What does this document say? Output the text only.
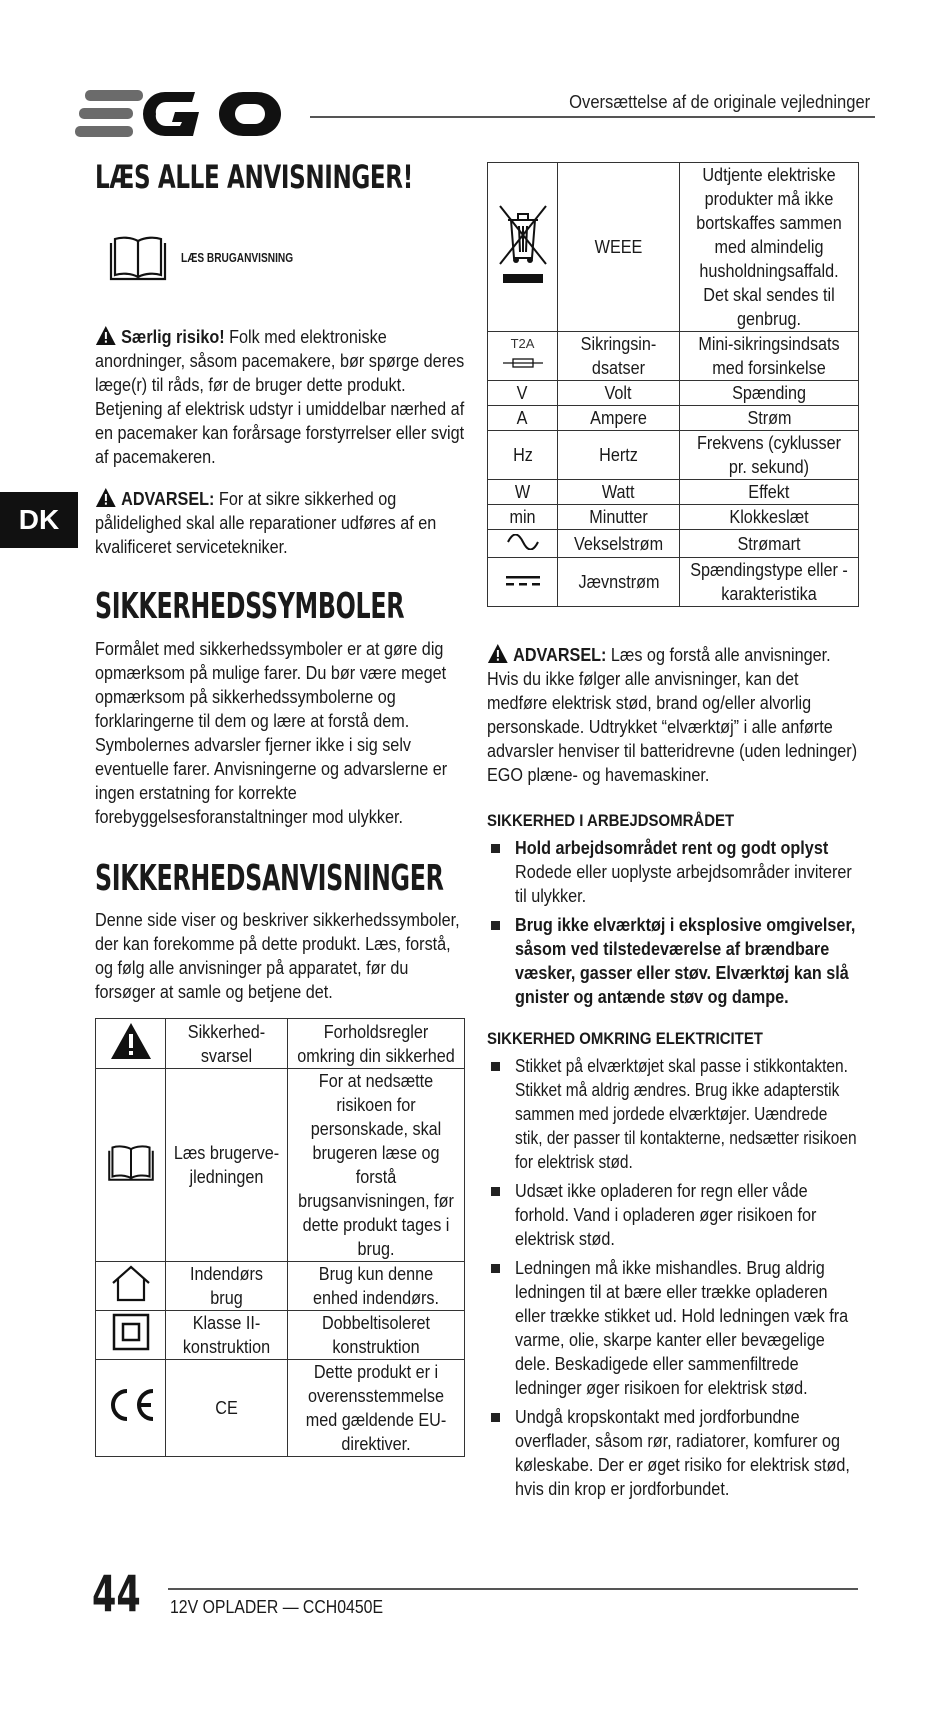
Oversættelse af de originale vejledninger
DK
LÆS ALLE ANVISNINGER!
LÆS BRUGANVISNING
Særlig risiko! Folk med elektroniske anordninger, såsom pacemakere, bør spørge deres læge(r) til råds, før de bruger dette produkt. Betjening af elektrisk udstyr i umiddelbar nærhed af en pacemaker kan forårsage forstyrrelser eller svigt af pacemakeren.
ADVARSEL: For at sikre sikkerhed og pålidelighed skal alle reparationer udføres af en kvalificeret servicetekniker.
SIKKERHEDSSYMBOLER
Formålet med sikkerhedssymboler er at gøre dig opmærksom på mulige farer. Du bør være meget opmærksom på sikkerhedssymbolerne og forklaringerne til dem og lære at forstå dem. Symbolernes advarsler fjerner ikke i sig selv eventuelle farer. Anvisningerne og advarslerne er ingen erstatning for korrekte forebyggelsesforanstaltninger mod ulykker.
SIKKERHEDSANVISNINGER
Denne side viser og beskriver sikkerhedssymboler, der kan forekomme på dette produkt. Læs, forstå, og følg alle anvisninger på apparatet, før du forsøger at samle og betjene det.
	Sikkerhed-svarsel	Forholdsregler omkring din sikkerhed
	Læs brugerve-jledningen	For at nedsætte risikoen for personskade, skal brugeren læse og forstå brugsanvisningen, før dette produkt tages i brug.
	Indendørs brug	Brug kun denne enhed indendørs.
	Klasse II-konstruktion	Dobbeltisoleret konstruktion
	CE	Dette produkt er i overensstemmelse med gældende EU-direktiver.
	WEEE	Udtjente elektriske produkter må ikke bortskaffes sammen med almindelig husholdningsaffald. Det skal sendes til genbrug.

T2A	Sikringsin-dsatser	Mini-sikringsindsats med forsinkelse
V	Volt	Spænding
A	Ampere	Strøm
Hz	Hertz	Frekvens (cyklusser pr. sekund)
W	Watt	Effekt
min	Minutter	Klokkeslæt
	Vekselstrøm	Strømart
	Jævnstrøm	Spændingstype eller -karakteristika
ADVARSEL: Læs og forstå alle anvisninger. Hvis du ikke følger alle anvisninger, kan det medføre elektrisk stød, brand og/eller alvorlig personskade. Udtrykket “elværktøj” i alle anførte advarsler henviser til batteridrevne (uden ledninger) EGO plæne- og havemaskiner.
SIKKERHED I ARBEJDSOMRÅDET
Hold arbejdsområdet rent og godt oplyst
Rodede eller uoplyste arbejdsområder inviterer til ulykker.
Brug ikke elværktøj i eksplosive omgivelser, såsom ved tilstedeværelse af brændbare væsker, gasser eller støv. Elværktøj kan slå gnister og antænde støv og dampe.
SIKKERHED OMKRING ELEKTRICITET
Stikket på elværktøjet skal passe i stikkontakten. Stikket må aldrig ændres. Brug ikke adapterstik sammen med jordede elværktøjer. Uændrede stik, der passer til kontakterne, nedsætter risikoen for elektrisk stød.
Udsæt ikke opladeren for regn eller våde forhold. Vand i opladeren øger risikoen for elektrisk stød.
Ledningen må ikke mishandles. Brug aldrig ledningen til at bære eller trække opladeren eller trække stikket ud. Hold ledningen væk fra varme, olie, skarpe kanter eller bevægelige dele. Beskadigede eller sammenfiltrede ledninger øger risikoen for elektrisk stød.
Undgå kropskontakt med jordforbundne overflader, såsom rør, radiatorer, komfurer og køleskabe. Der er øget risiko for elektrisk stød, hvis din krop er jordforbundet.
44 12V OPLADER — CCH0450E
